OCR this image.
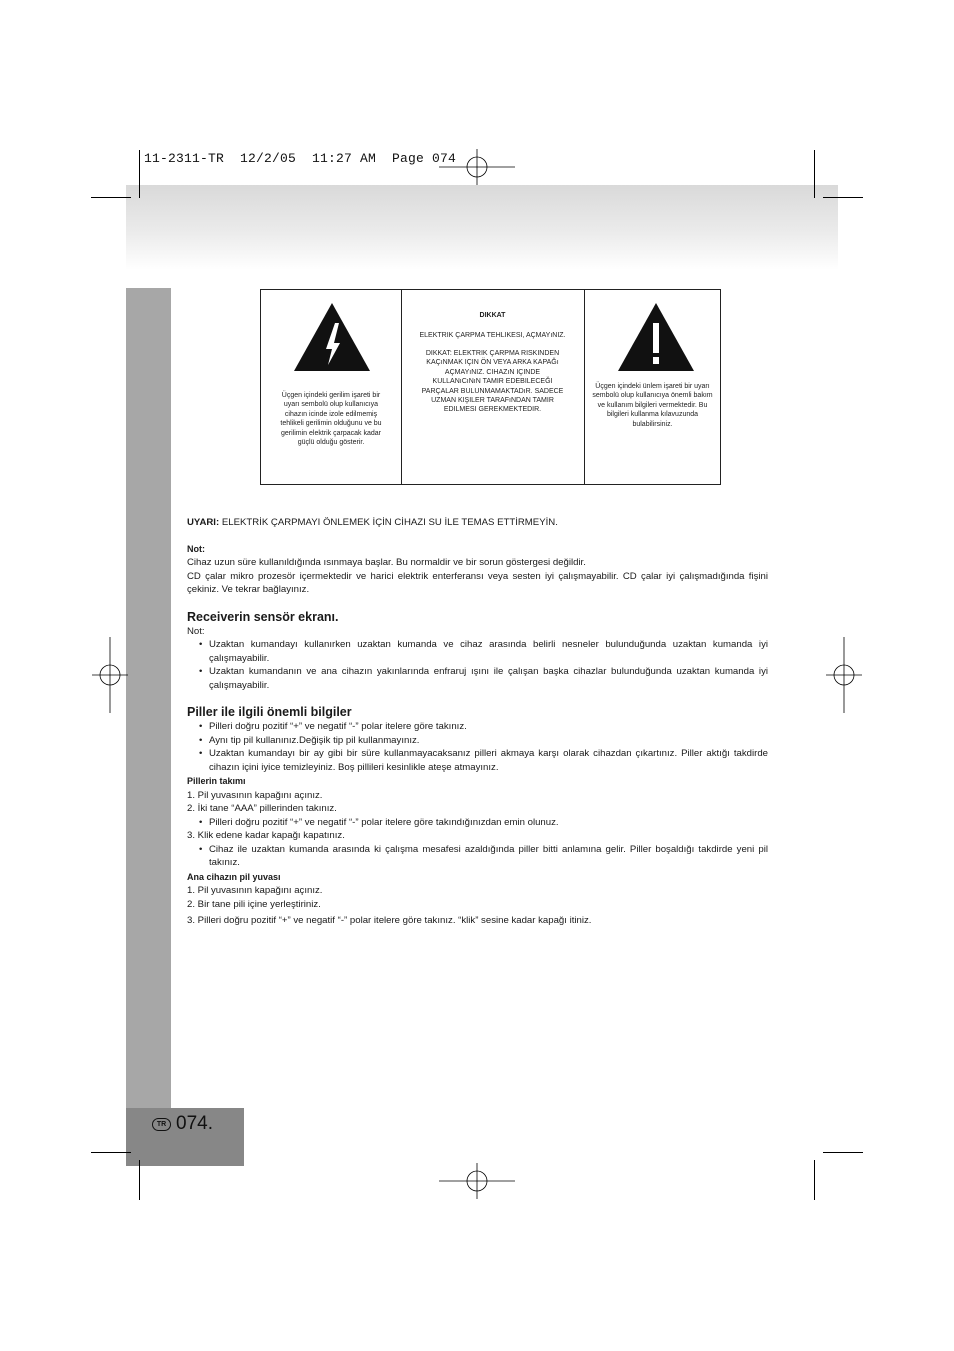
11-2311-TR  12/2/05  11:27 AM  Page 074
Üçgen içindeki gerilim işareti bir uyarı sembolü olup kullanıcıya cihazın icinde izole edilmemiş tehlikeli gerilimin olduğunu ve bu gerilimin elektrik çarpacak kadar güçlü olduğu gösterir.
DIKKAT
ELEKTRIK ÇARPMA TEHLIKESI, AÇMAYıNIZ.
DIKKAT: ELEKTRIK ÇARPMA RISKINDEN KAÇıNMAK IÇIN ÖN VEYA ARKA KAPAĞı AÇMAYıNIZ. CIHAZıN IÇINDE KULLANıCıNıN TAMIR EDEBILECEĞI PARÇALAR BULUNMAMAKTADıR. SADECE UZMAN KIŞILER TARAFıNDAN TAMIR EDILMESI GEREKMEKTEDIR.
Üçgen içindeki ünlem işareti bir uyarı sembolü olup kullanıcıya önemli bakım ve kullanım bilgileri vermektedir. Bu bilgileri kullanma kılavuzunda bulabilirsiniz.

UYARI: ELEKTRİK ÇARPMAYI ÖNLEMEK İÇİN CİHAZI SU İLE TEMAS ETTİRMEYİN.

Not:

Cihaz uzun süre kullanıldığında ısınmaya başlar. Bu normaldir ve bir sorun göstergesi değildir.

CD çalar mikro prozesör içermektedir ve harici elektrik enterferansı veya sesten iyi çalışmayabilir. CD çalar iyi çalışmadığında fişini çekiniz. Ve tekrar bağlayınız.

Receiverin sensör ekranı.

Not:

• Uzaktan kumandayı kullanırken uzaktan kumanda ve cihaz arasında belirli nesneler bulunduğunda uzaktan kumanda iyi çalışmayabilir.
• Uzaktan kumandanın ve ana cihazın yakınlarında enfraruj ışını ile çalışan başka cihazlar bulunduğunda uzaktan kumanda iyi çalışmayabilir.

Piller ile ilgili önemli bilgiler

• Pilleri doğru pozitif “+” ve negatif “-” polar itelere göre takınız.
• Aynı tip pil kullanınız.Değişik tip pil kullanmayınız.
• Uzaktan kumandayı bir ay gibi bir süre kullanmayacaksanız pilleri akmaya karşı olarak cihazdan çıkartınız. Piller aktığı takdirde cihazın içini iyice temizleyiniz. Boş pillileri kesinlikle ateşe atmayınız.

Pillerin takımı

1. Pil yuvasının kapağını açınız.
2. İki tane “AAA” pillerinden takınız.
• Pilleri doğru pozitif “+” ve negatif “-” polar itelere göre takındığınızdan emin olunuz.
3. Klik edene kadar kapağı kapatınız.
• Cihaz ile uzaktan kumanda arasında ki çalışma mesafesi azaldığında piller bitti anlamına gelir. Piller boşaldığı takdirde yeni pil takınız.

Ana cihazın pil yuvası

1. Pil yuvasının kapağını açınız.
2. Bir tane pili içine yerleştiriniz.
3. Pilleri doğru pozitif “+” ve negatif “-” polar itelere göre takınız. “klik” sesine kadar kapağı itiniz.
TR 074.
